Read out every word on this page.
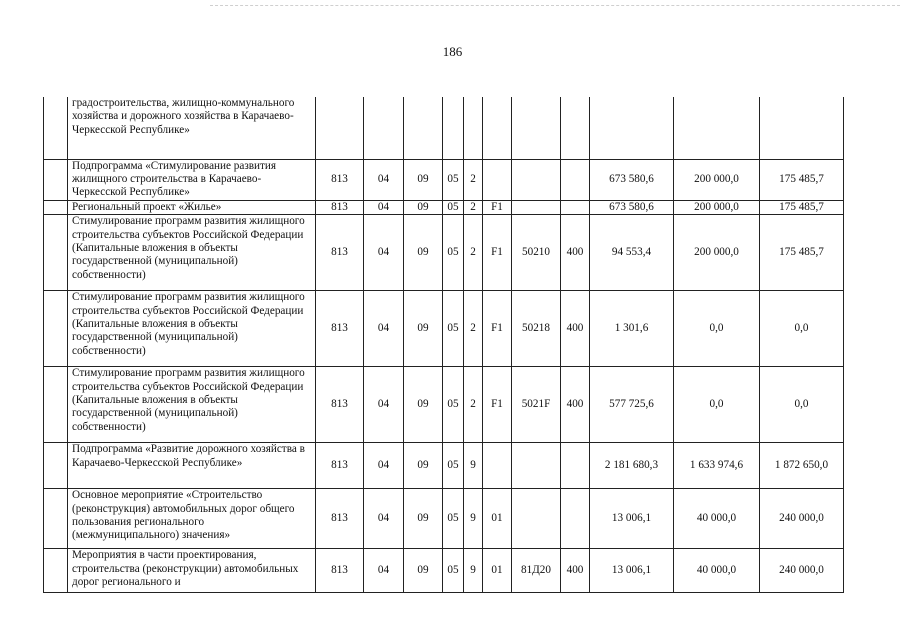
186
	градостроительства, жилищно-коммунального хозяйства и дорожного хозяйства в Карачаево-Черкесской Республике»											
	Подпрограмма «Стимулирование развития жилищного строительства в Карачаево-Черкесской Республике»	813	04	09	05	2				673 580,6	200 000,0	175 485,7
	Региональный проект «Жилье»	813	04	09	05	2	F1			673 580,6	200 000,0	175 485,7
	Стимулирование программ развития жилищного строительства субъектов Российской Федерации (Капитальные вложения в объекты государственной (муниципальной) собственности)	813	04	09	05	2	F1	50210	400	94 553,4	200 000,0	175 485,7
	Стимулирование программ развития жилищного строительства субъектов Российской Федерации (Капитальные вложения в объекты государственной (муниципальной) собственности)	813	04	09	05	2	F1	50218	400	1 301,6	0,0	0,0
	Стимулирование программ развития жилищного строительства субъектов Российской Федерации (Капитальные вложения в объекты государственной (муниципальной) собственности)	813	04	09	05	2	F1	5021F	400	577 725,6	0,0	0,0
	Подпрограмма «Развитие дорожного хозяйства в Карачаево-Черкесской Республике»	813	04	09	05	9				2 181 680,3	1 633 974,6	1 872 650,0
	Основное мероприятие «Строительство (реконструкция) автомобильных дорог общего пользования регионального (межмуниципального) значения»	813	04	09	05	9	01			13 006,1	40 000,0	240 000,0
	Мероприятия в части проектирования, строительства (реконструкции) автомобильных дорог регионального и	813	04	09	05	9	01	81Д20	400	13 006,1	40 000,0	240 000,0
